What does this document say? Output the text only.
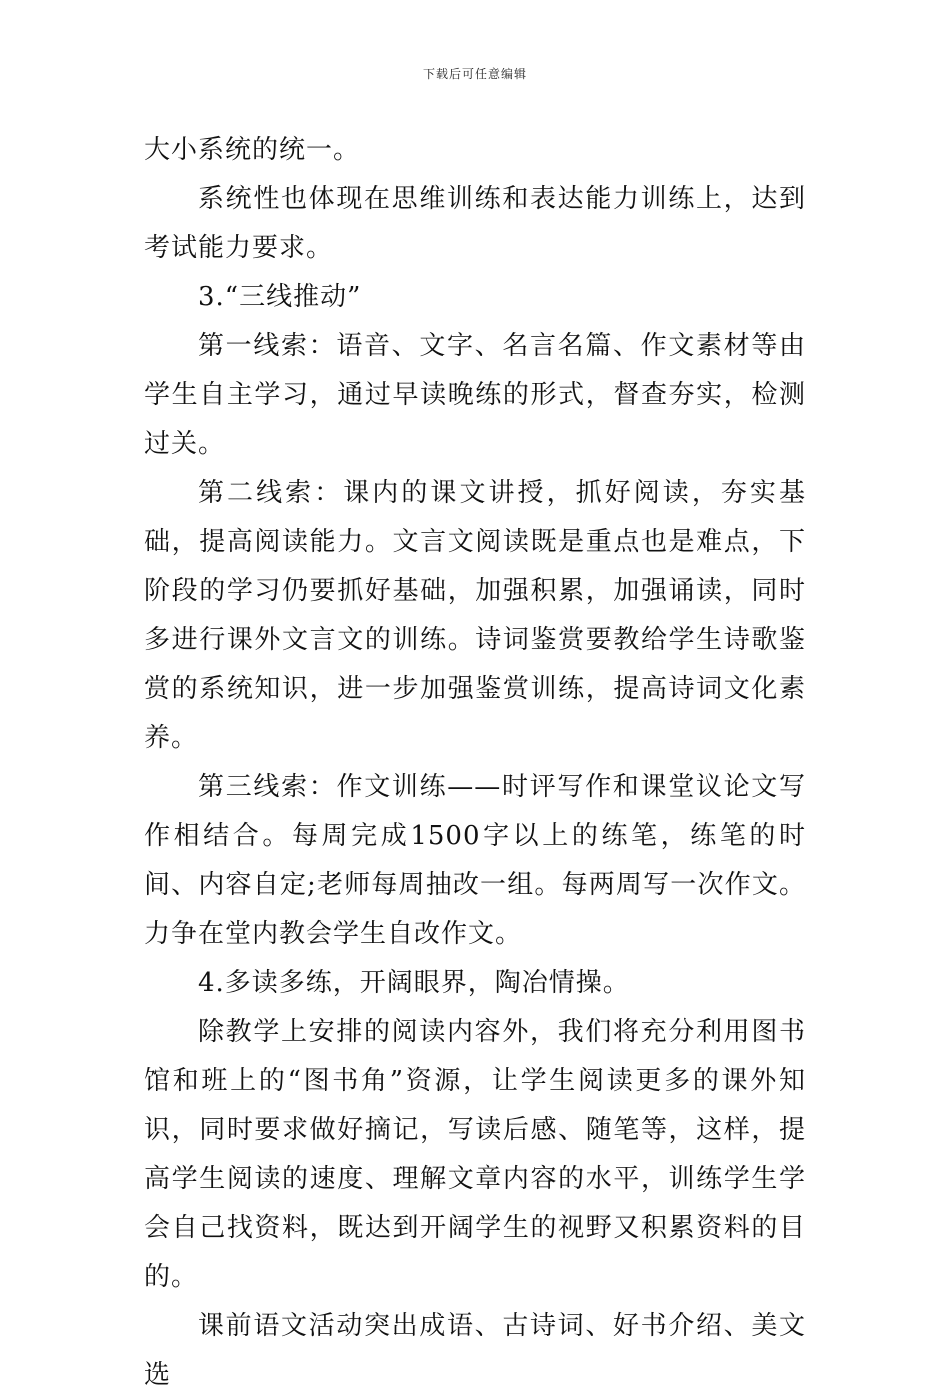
下载后可任意编辑

大小系统的统一。

系统性也体现在思维训练和表达能力训练上，达到考试能力要求。

3.“三线推动”

第一线索：语音、文字、名言名篇、作文素材等由学生自主学习，通过早读晚练的形式，督查夯实，检测过关。

第二线索：课内的课文讲授，抓好阅读，夯实基础，提高阅读能力。文言文阅读既是重点也是难点，下阶段的学习仍要抓好基础，加强积累，加强诵读，同时多进行课外文言文的训练。诗词鉴赏要教给学生诗歌鉴赏的系统知识，进一步加强鉴赏训练，提高诗词文化素养。

第三线索：作文训练——时评写作和课堂议论文写作相结合。每周完成1500字以上的练笔，练笔的时间、内容自定;老师每周抽改一组。每两周写一次作文。力争在堂内教会学生自改作文。

4.多读多练，开阔眼界，陶冶情操。

除教学上安排的阅读内容外，我们将充分利用图书馆和班上的“图书角”资源，让学生阅读更多的课外知识，同时要求做好摘记，写读后感、随笔等，这样，提高学生阅读的速度、理解文章内容的水平，训练学生学会自己找资料，既达到开阔学生的视野又积累资料的目的。

课前语文活动突出成语、古诗词、好书介绍、美文选
